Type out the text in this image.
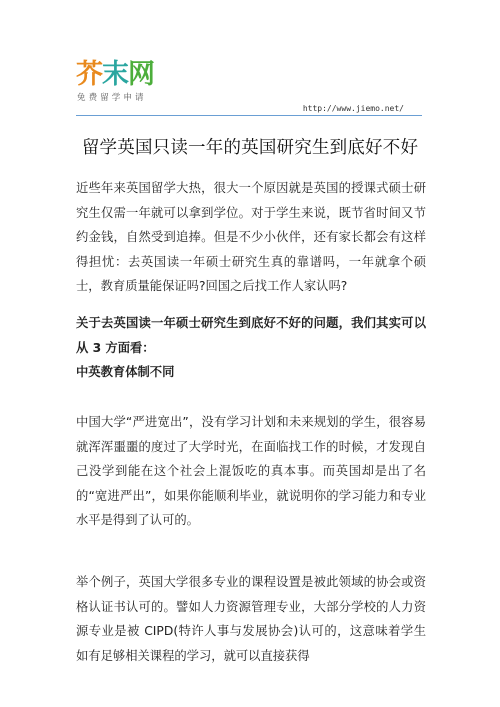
芥末网
免费留学申请
http://www.jiemo.net/
留学英国只读一年的英国研究生到底好不好
近些年来英国留学大热，很大一个原因就是英国的授课式硕士研究生仅需一年就可以拿到学位。对于学生来说，既节省时间又节约金钱，自然受到追捧。但是不少小伙伴，还有家长都会有这样得担忧：去英国读一年硕士研究生真的靠谱吗，一年就拿个硕士，教育质量能保证吗?回国之后找工作人家认吗?
关于去英国读一年硕士研究生到底好不好的问题，我们其实可以从 3 方面看：
中英教育体制不同
中国大学“严进宽出”，没有学习计划和未来规划的学生，很容易就浑浑噩噩的度过了大学时光，在面临找工作的时候，才发现自己没学到能在这个社会上混饭吃的真本事。而英国却是出了名的“宽进严出”，如果你能顺利毕业，就说明你的学习能力和专业水平是得到了认可的。
举个例子，英国大学很多专业的课程设置是被此领域的协会或资格认证书认可的。譬如人力资源管理专业，大部分学校的人力资源专业是被 CIPD(特许人事与发展协会)认可的，这意味着学生如有足够相关课程的学习，就可以直接获得
